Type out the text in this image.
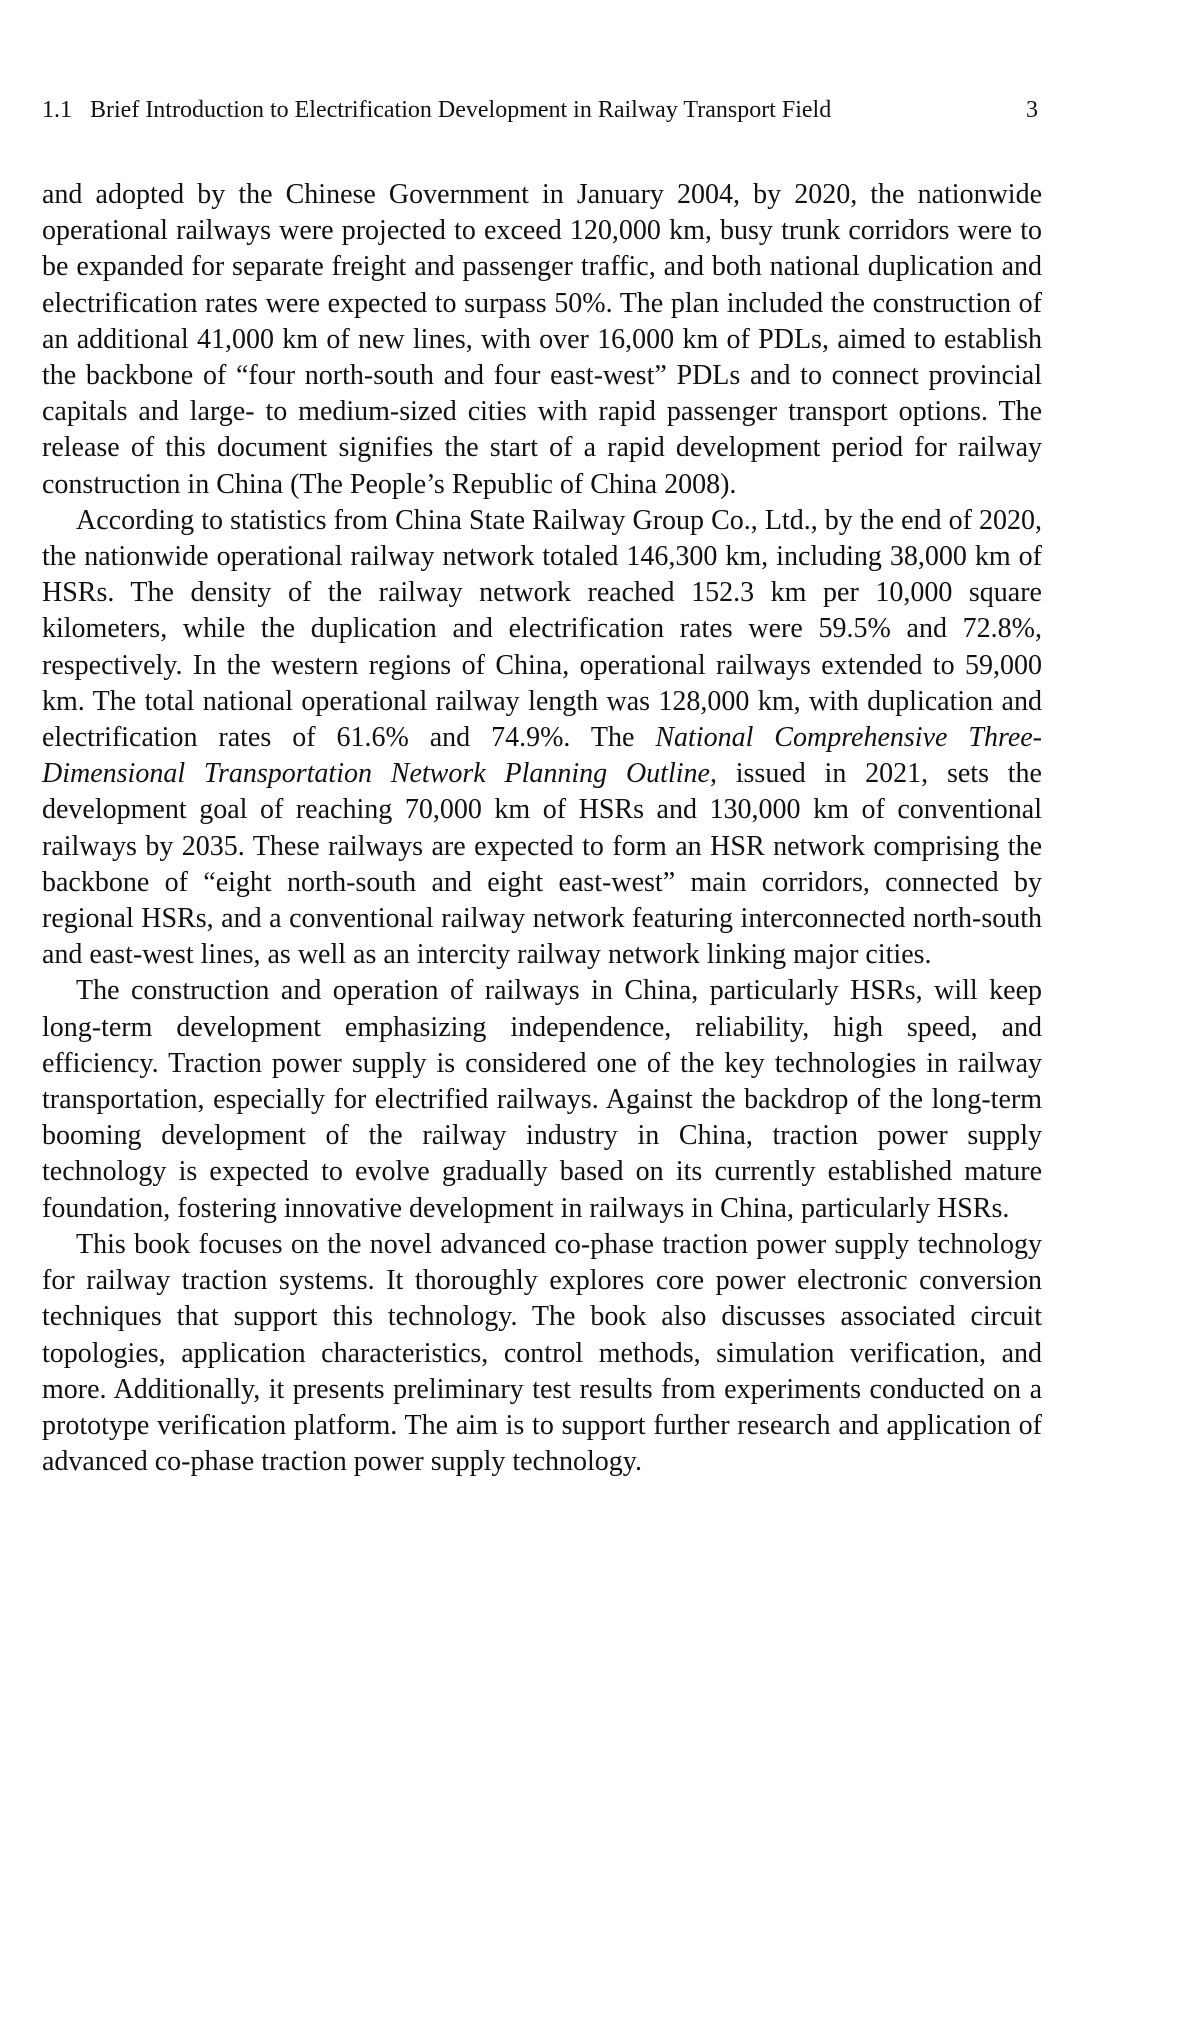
1.1 Brief Introduction to Electrification Development in Railway Transport Field	3

and adopted by the Chinese Government in January 2004, by 2020, the nationwide operational railways were projected to exceed 120,000 km, busy trunk corridors were to be expanded for separate freight and passenger traffic, and both national duplication and electrification rates were expected to surpass 50%. The plan included the construction of an additional 41,000 km of new lines, with over 16,000 km of PDLs, aimed to establish the backbone of “four north-south and four east-west” PDLs and to connect provincial capitals and large- to medium-sized cities with rapid passenger transport options. The release of this document signifies the start of a rapid development period for railway construction in China (The People’s Republic of China 2008).

According to statistics from China State Railway Group Co., Ltd., by the end of 2020, the nationwide operational railway network totaled 146,300 km, including 38,000 km of HSRs. The density of the railway network reached 152.3 km per 10,000 square kilometers, while the duplication and electrification rates were 59.5% and 72.8%, respectively. In the western regions of China, operational railways extended to 59,000 km. The total national operational railway length was 128,000 km, with duplication and electrification rates of 61.6% and 74.9%. The National Comprehensive Three-Dimensional Transportation Network Planning Outline, issued in 2021, sets the development goal of reaching 70,000 km of HSRs and 130,000 km of conventional railways by 2035. These railways are expected to form an HSR network comprising the backbone of “eight north-south and eight east-west” main corridors, connected by regional HSRs, and a conventional railway network featuring interconnected north-south and east-west lines, as well as an intercity railway network linking major cities.

The construction and operation of railways in China, particularly HSRs, will keep long-term development emphasizing independence, reliability, high speed, and efficiency. Traction power supply is considered one of the key technologies in railway transportation, especially for electrified railways. Against the backdrop of the long-term booming development of the railway industry in China, traction power supply technology is expected to evolve gradually based on its currently established mature foundation, fostering innovative development in railways in China, particularly HSRs.

This book focuses on the novel advanced co-phase traction power supply technology for railway traction systems. It thoroughly explores core power electronic conversion techniques that support this technology. The book also discusses associated circuit topologies, application characteristics, control methods, simulation verification, and more. Additionally, it presents preliminary test results from experiments conducted on a prototype verification platform. The aim is to support further research and application of advanced co-phase traction power supply technology.
